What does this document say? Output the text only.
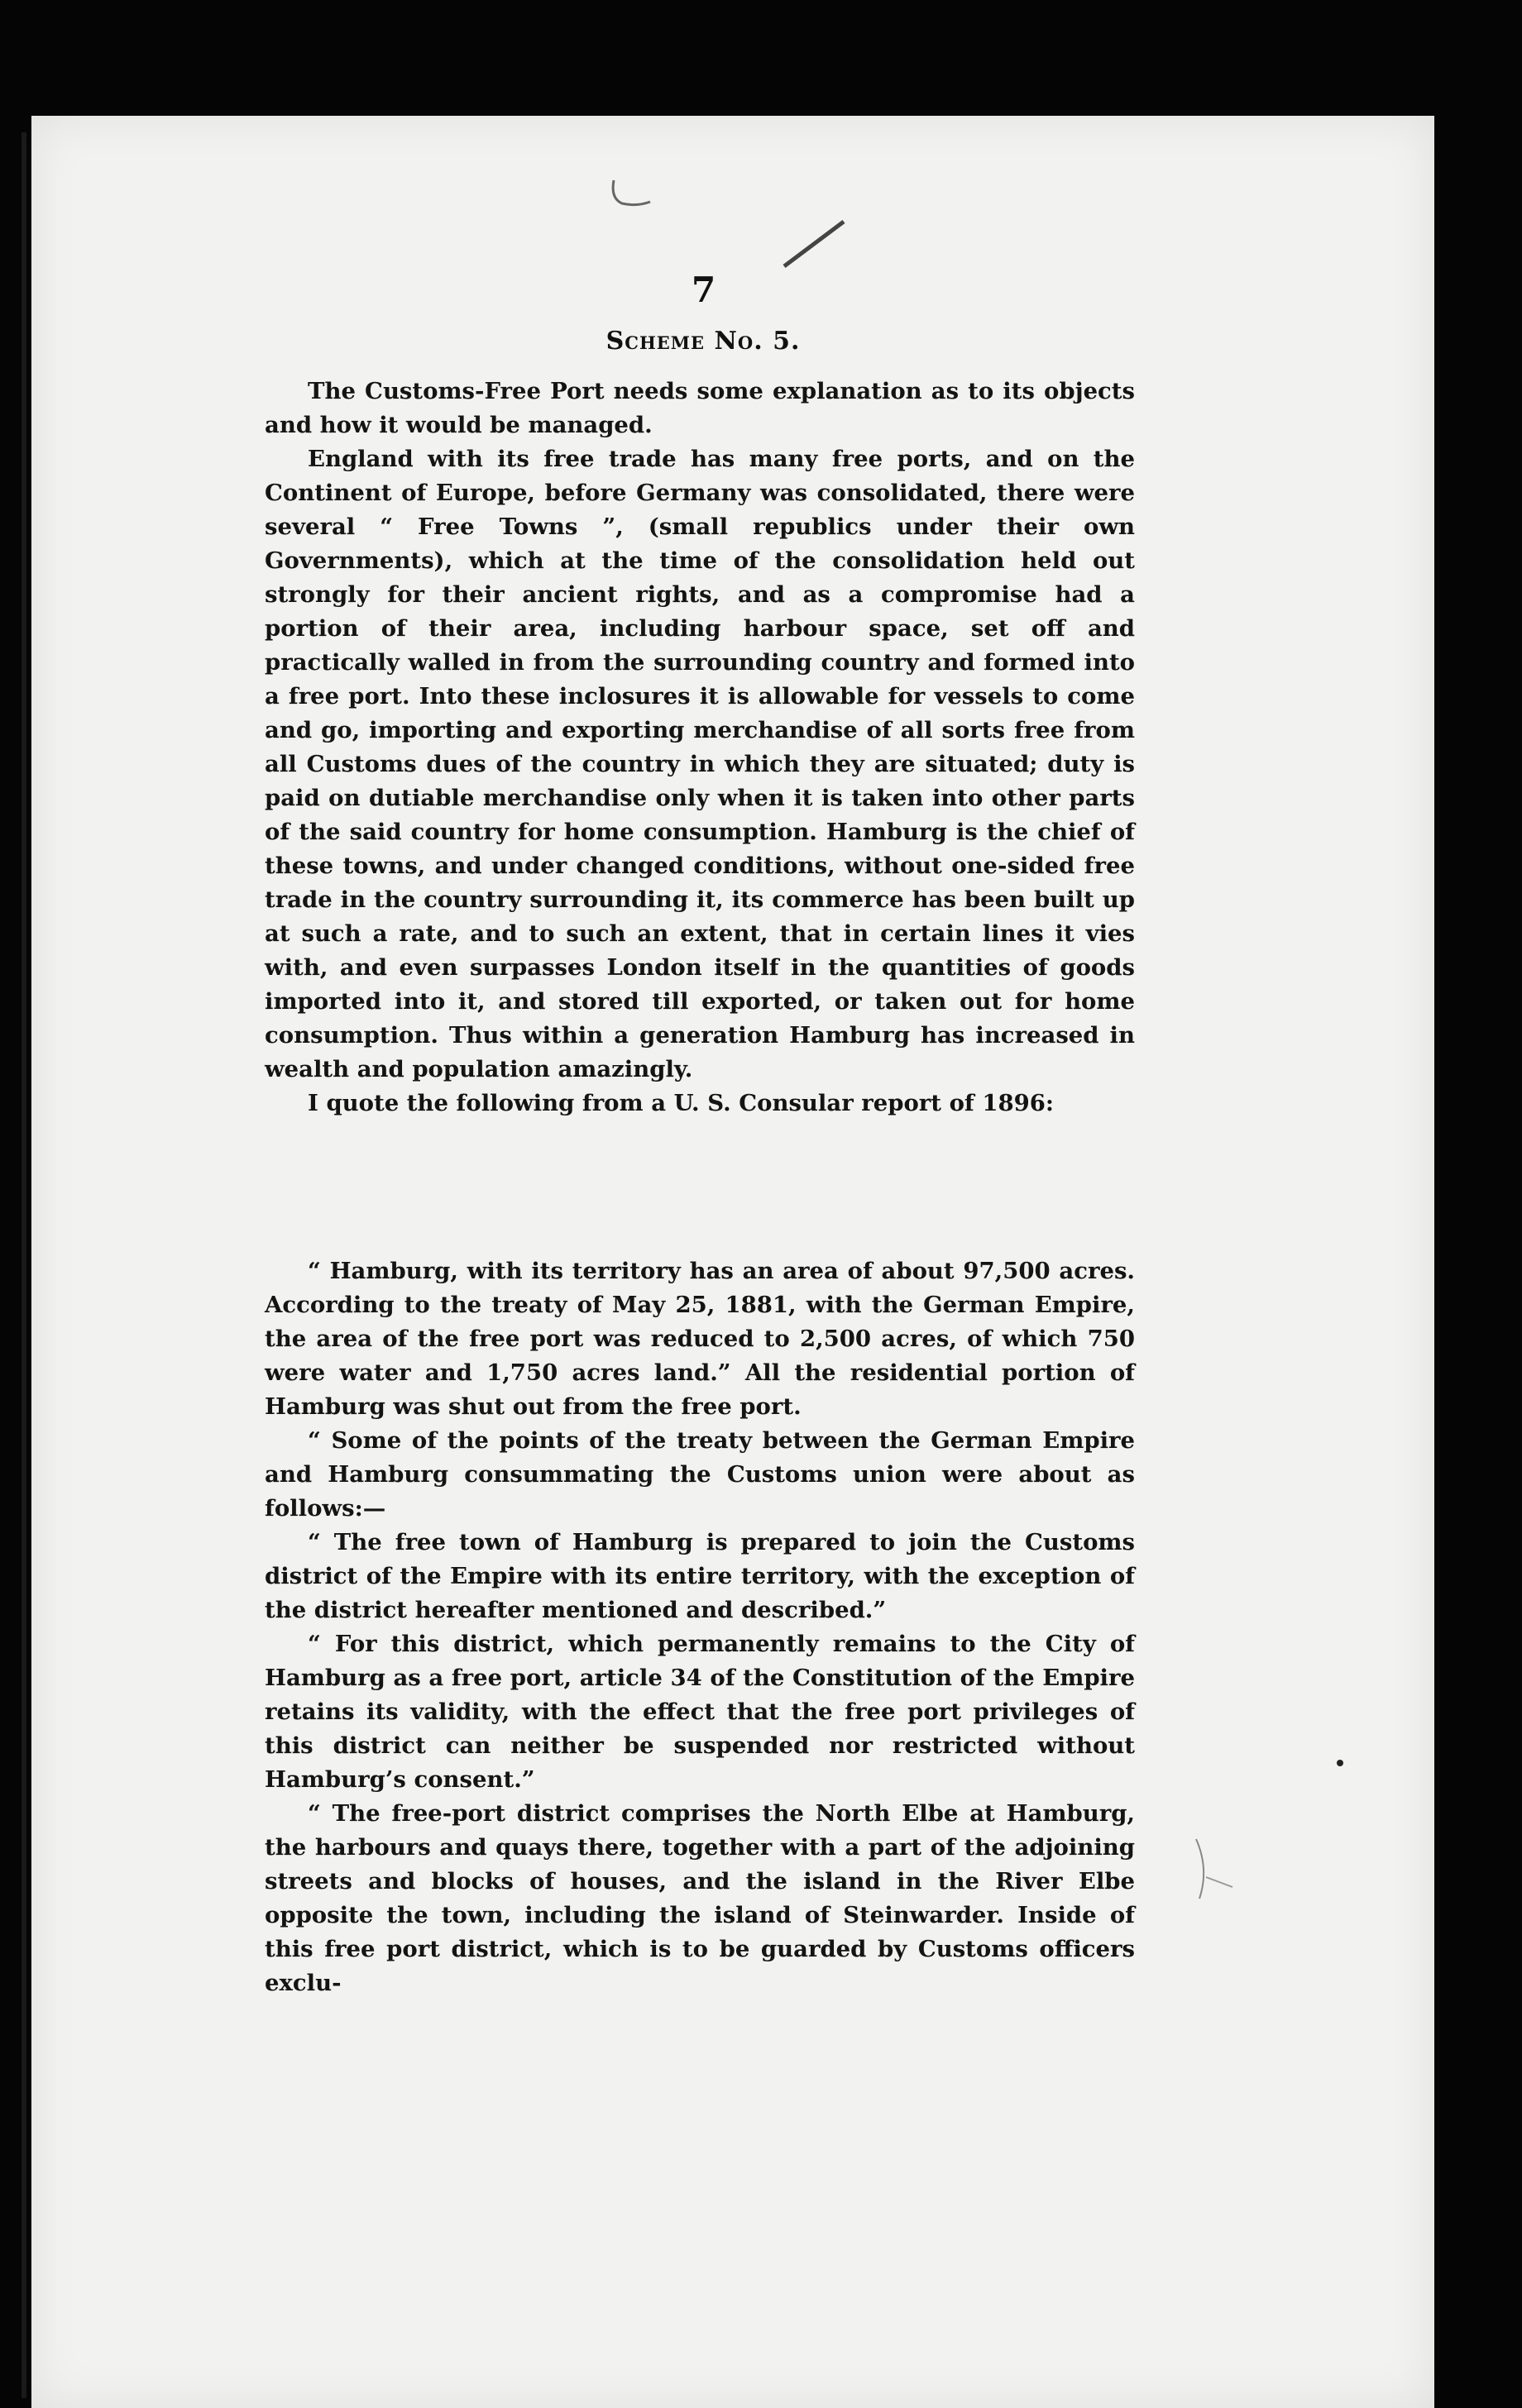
7
Scheme No. 5.

The Customs-Free Port needs some explanation as to its objects and how it would be managed.

England with its free trade has many free ports, and on the Continent of Europe, before Germany was consolidated, there were several “ Free Towns ”, (small republics under their own Governments), which at the time of the consolidation held out strongly for their ancient rights, and as a compromise had a portion of their area, including harbour space, set off and practically walled in from the surrounding country and formed into a free port. Into these inclosures it is allowable for vessels to come and go, importing and exporting merchandise of all sorts free from all Customs dues of the country in which they are situated; duty is paid on dutiable merchandise only when it is taken into other parts of the said country for home consumption. Hamburg is the chief of these towns, and under changed conditions, without one-sided free trade in the country surrounding it, its commerce has been built up at such a rate, and to such an extent, that in certain lines it vies with, and even surpasses London itself in the quantities of goods imported into it, and stored till exported, or taken out for home consumption. Thus within a generation Hamburg has increased in wealth and population amazingly.

I quote the following from a U. S. Consular report of 1896:

“ Hamburg, with its territory has an area of about 97,500 acres. According to the treaty of May 25, 1881, with the German Empire, the area of the free port was reduced to 2,500 acres, of which 750 were water and 1,750 acres land.” All the residential portion of Hamburg was shut out from the free port.

“ Some of the points of the treaty between the German Empire and Hamburg consummating the Customs union were about as follows:—

“ The free town of Hamburg is prepared to join the Customs district of the Empire with its entire territory, with the exception of the district hereafter mentioned and described.”

“ For this district, which permanently remains to the City of Hamburg as a free port, article 34 of the Constitution of the Empire retains its validity, with the effect that the free port privileges of this district can neither be suspended nor restricted without Hamburg’s consent.”

“ The free-port district comprises the North Elbe at Hamburg, the harbours and quays there, together with a part of the adjoining streets and blocks of houses, and the island in the River Elbe opposite the town, including the island of Steinwarder. Inside of this free port district, which is to be guarded by Customs officers exclu-
